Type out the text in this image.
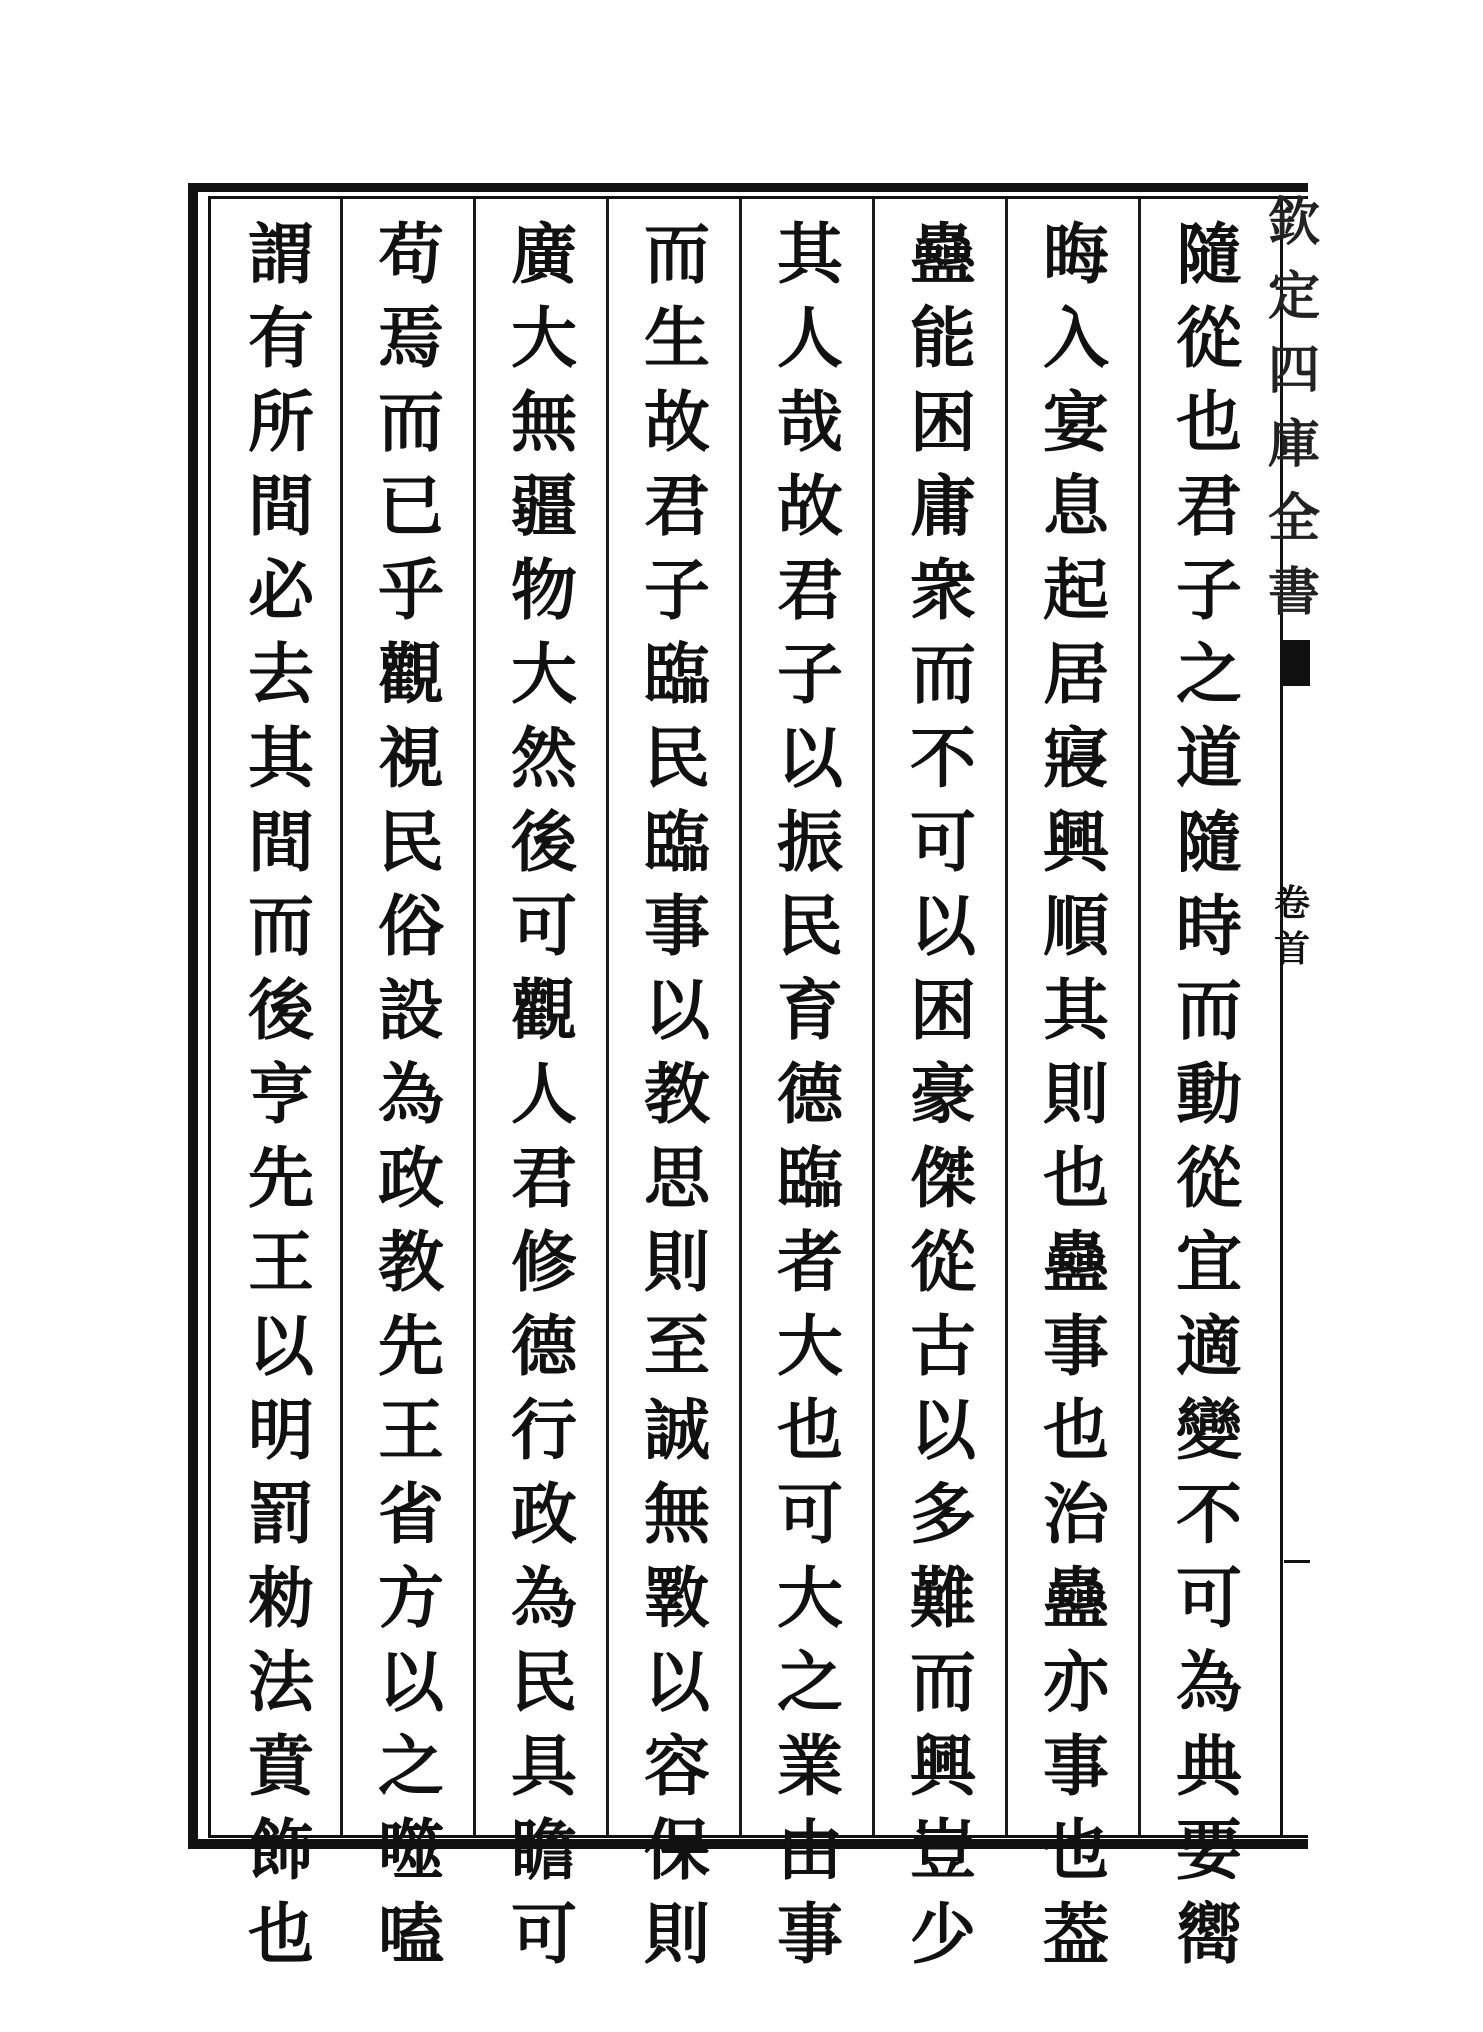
欽定四庫全書
卷首
隨從也君子之道隨時而動從宜適變不可為典要嚮
晦入宴息起居寢興順其則也蠱事也治蠱亦事也葢
蠱能困庸衆而不可以困豪傑從古以多難而興豈少
其人哉故君子以振民育德臨者大也可大之業由事
而生故君子臨民臨事以教思則至誠無斁以容保則
廣大無疆物大然後可觀人君修德行政為民具瞻可
苟焉而已乎觀視民俗設為政教先王省方以之噬嗑
謂有所間必去其間而後亨先王以明罰勑法賁飾也
